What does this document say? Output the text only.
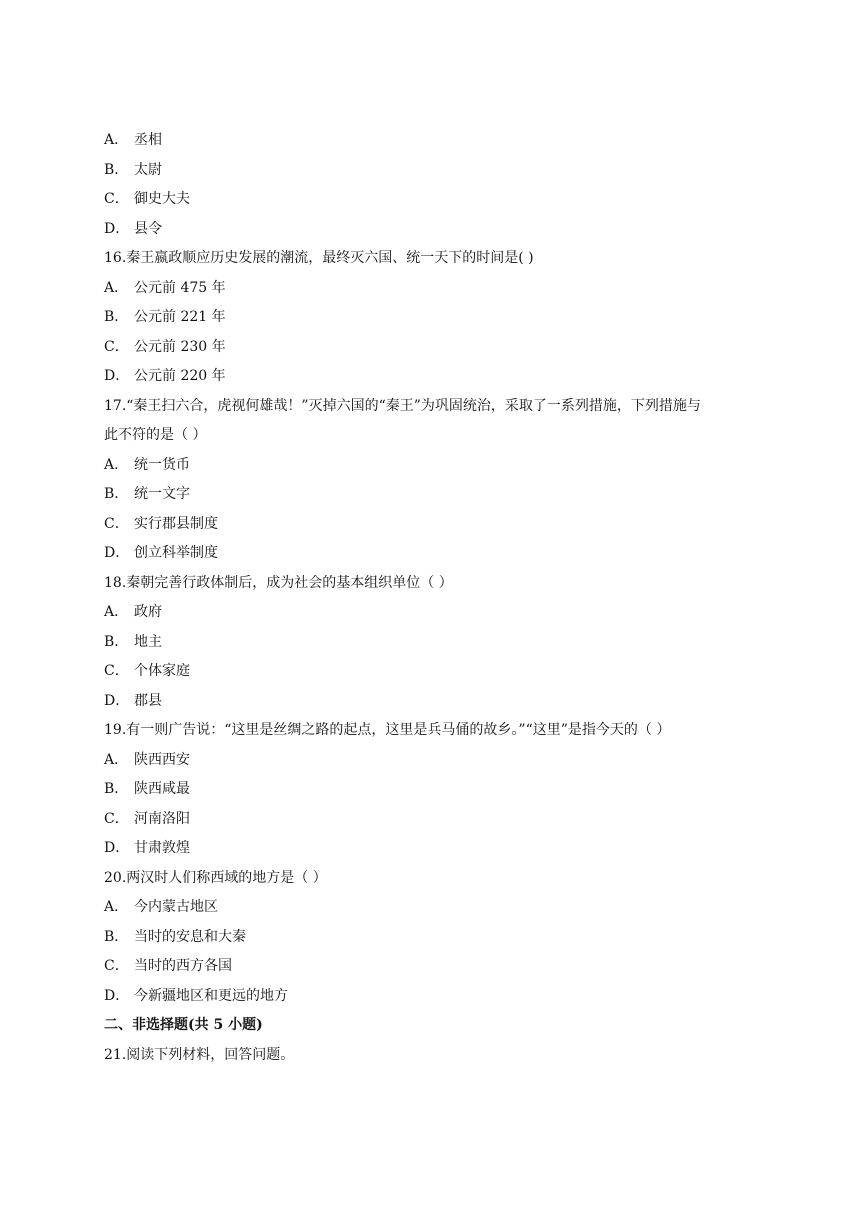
A． 丞相
B． 太尉
C． 御史大夫
D． 县令
16.秦王嬴政顺应历史发展的潮流，最终灭六国、统一天下的时间是( )
A． 公元前 475 年
B． 公元前 221 年
C． 公元前 230 年
D． 公元前 220 年
17.“秦王扫六合，虎视何雄哉！”灭掉六国的“秦王”为巩固统治，采取了一系列措施，下列措施与
此不符的是（ ）
A． 统一货币
B． 统一文字
C． 实行郡县制度
D． 创立科举制度
18.秦朝完善行政体制后，成为社会的基本组织单位（ ）
A． 政府
B． 地主
C． 个体家庭
D． 郡县
19.有一则广告说：“这里是丝绸之路的起点，这里是兵马俑的故乡。”“这里”是指今天的（ ）
A． 陕西西安
B． 陕西咸最
C． 河南洛阳
D． 甘肃敦煌
20.两汉时人们称西域的地方是（ ）
A． 今内蒙古地区
B． 当时的安息和大秦
C． 当时的西方各国
D． 今新疆地区和更远的地方
二、非选择题(共 5 小题)
21.阅读下列材料，回答问题。
